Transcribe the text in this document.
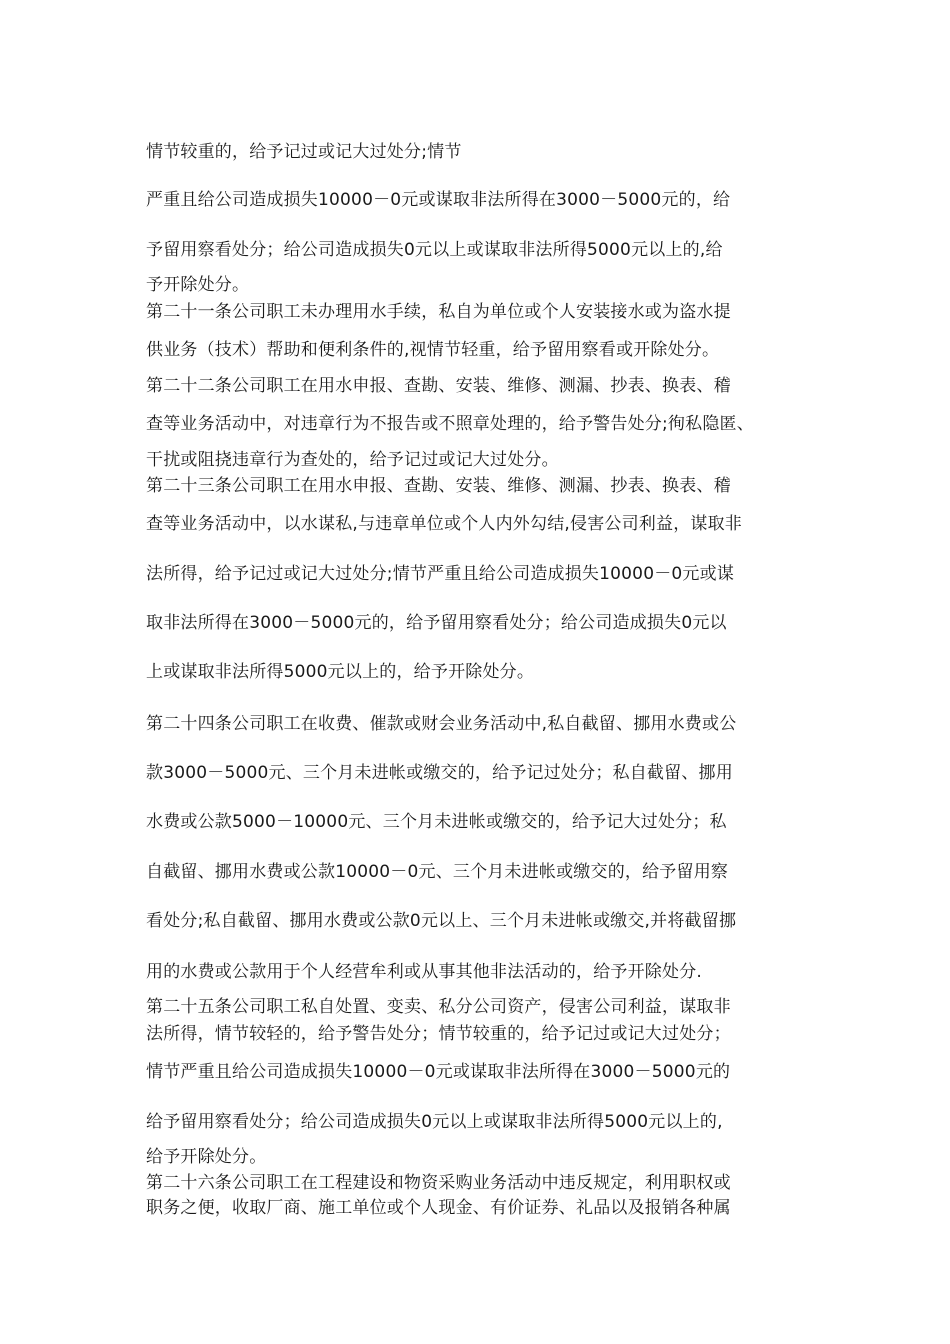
情节较重的，给予记过或记大过处分;情节
严重且给公司造成损失10000－0元或谋取非法所得在3000－5000元的，给
予留用察看处分；给公司造成损失0元以上或谋取非法所得5000元以上的,给
予开除处分。
第二十一条公司职工未办理用水手续，私自为单位或个人安装接水或为盗水提
供业务（技术）帮助和便利条件的,视情节轻重，给予留用察看或开除处分。
第二十二条公司职工在用水申报、查勘、安装、维修、测漏、抄表、换表、稽
查等业务活动中，对违章行为不报告或不照章处理的，给予警告处分;徇私隐匿、
干扰或阻挠违章行为查处的，给予记过或记大过处分。
第二十三条公司职工在用水申报、查勘、安装、维修、测漏、抄表、换表、稽
查等业务活动中，以水谋私,与违章单位或个人内外勾结,侵害公司利益，谋取非
法所得，给予记过或记大过处分;情节严重且给公司造成损失10000－0元或谋
取非法所得在3000－5000元的，给予留用察看处分；给公司造成损失0元以
上或谋取非法所得5000元以上的，给予开除处分。
第二十四条公司职工在收费、催款或财会业务活动中,私自截留、挪用水费或公
款3000－5000元、三个月未进帐或缴交的，给予记过处分；私自截留、挪用
水费或公款5000－10000元、三个月未进帐或缴交的，给予记大过处分；私
自截留、挪用水费或公款10000－0元、三个月未进帐或缴交的，给予留用察
看处分;私自截留、挪用水费或公款0元以上、三个月未进帐或缴交,并将截留挪
用的水费或公款用于个人经营牟利或从事其他非法活动的，给予开除处分.
第二十五条公司职工私自处置、变卖、私分公司资产，侵害公司利益，谋取非
法所得，情节较轻的，给予警告处分；情节较重的，给予记过或记大过处分；
情节严重且给公司造成损失10000－0元或谋取非法所得在3000－5000元的
给予留用察看处分；给公司造成损失0元以上或谋取非法所得5000元以上的,
给予开除处分。
第二十六条公司职工在工程建设和物资采购业务活动中违反规定，利用职权或
职务之便，收取厂商、施工单位或个人现金、有价证券、礼品以及报销各种属
